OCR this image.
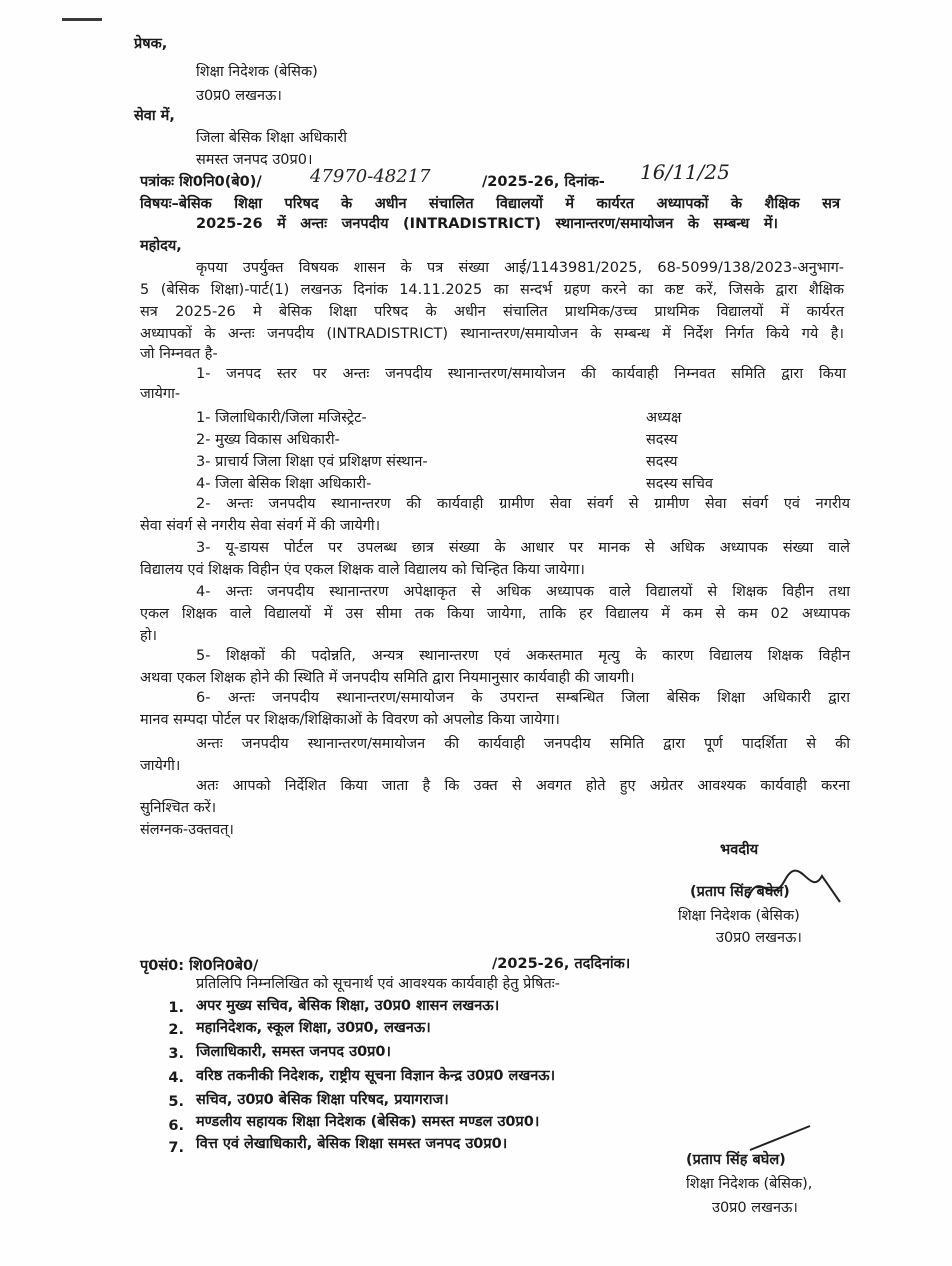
प्रेषक,
शिक्षा निदेशक (बेसिक)
उ0प्र0 लखनऊ।
सेवा में,
जिला बेसिक शिक्षा अधिकारी
समस्त जनपद उ0प्र0।
पत्रांकः शि0नि0(बे0)/	47970-48217	/2025-26, दिनांक- 16/11/25
विषयः–बेसिक शिक्षा परिषद के अधीन संचालित विद्यालयों में कार्यरत अध्यापकों के शैक्षिक सत्र
2025-26 में अन्तः जनपदीय (INTRADISTRICT) स्थानान्तरण/समायोजन के सम्बन्ध में।
महोदय,
कृपया उपर्युक्त विषयक शासन के पत्र संख्या आई/1143981/2025, 68-5099/138/2023-अनुभाग-
5 (बेसिक शिक्षा)-पार्ट(1) लखनऊ दिनांक 14.11.2025 का सन्दर्भ ग्रहण करने का कष्ट करें, जिसके द्वारा शैक्षिक
सत्र 2025-26 मे बेसिक शिक्षा परिषद के अधीन संचालित प्राथमिक/उच्च प्राथमिक विद्यालयों में कार्यरत
अध्यापकों के अन्तः जनपदीय (INTRADISTRICT) स्थानान्तरण/समायोजन के सम्बन्ध में निर्देश निर्गत किये गये है।
जो निम्नवत है-
1- जनपद स्तर पर अन्तः जनपदीय स्थानान्तरण/समायोजन की कार्यवाही निम्नवत समिति द्वारा किया
जायेगा-
1- जिलाधिकारी/जिला मजिस्ट्रेट-	अध्यक्ष
2- मुख्य विकास अधिकारी-	सदस्य
3- प्राचार्य जिला शिक्षा एवं प्रशिक्षण संस्थान-	सदस्य
4- जिला बेसिक शिक्षा अधिकारी-	सदस्य सचिव
2- अन्तः जनपदीय स्थानान्तरण की कार्यवाही ग्रामीण सेवा संवर्ग से ग्रामीण सेवा संवर्ग एवं नगरीय
सेवा संवर्ग से नगरीय सेवा संवर्ग में की जायेगी।
3- यू-डायस पोर्टल पर उपलब्ध छात्र संख्या के आधार पर मानक से अधिक अध्यापक संख्या वाले
विद्यालय एवं शिक्षक विहीन एंव एकल शिक्षक वाले विद्यालय को चिन्हित किया जायेगा।
4- अन्तः जनपदीय स्थानान्तरण अपेक्षाकृत से अधिक अध्यापक वाले विद्यालयों से शिक्षक विहीन तथा
एकल शिक्षक वाले विद्यालयों में उस सीमा तक किया जायेगा, ताकि हर विद्यालय में कम से कम 02 अध्यापक
हो।
5- शिक्षकों की पदोन्नति, अन्यत्र स्थानान्तरण एवं अकस्तमात मृत्यु के कारण विद्यालय शिक्षक विहीन
अथवा एकल शिक्षक होने की स्थिति में जनपदीय समिति द्वारा नियमानुसार कार्यवाही की जायगी।
6- अन्तः जनपदीय स्थानान्तरण/समायोजन के उपरान्त सम्बन्धित जिला बेसिक शिक्षा अधिकारी द्वारा
मानव सम्पदा पोर्टल पर शिक्षक/शिक्षिकाओं के विवरण को अपलोड किया जायेगा।
अन्तः जनपदीय स्थानान्तरण/समायोजन की कार्यवाही जनपदीय समिति द्वारा पूर्ण पादर्शिता से की
जायेगी।
अतः आपको निर्देशित किया जाता है कि उक्त से अवगत होते हुए अग्रेतर आवश्यक कार्यवाही करना
सुनिश्चित करें।
संलग्नक-उक्तवत्।
भवदीय
(प्रताप सिंह बघेल)
शिक्षा निदेशक (बेसिक)
उ0प्र0 लखनऊ।
पृ0सं0: शि0नि0बे0/	/2025-26, तददिनांक।
प्रतिलिपि निम्नलिखित को सूचनार्थ एवं आवश्यक कार्यवाही हेतु प्रेषितः-
1. अपर मुख्य सचिव, बेसिक शिक्षा, उ0प्र0 शासन लखनऊ।
2. महानिदेशक, स्कूल शिक्षा, उ0प्र0, लखनऊ।
3. जिलाधिकारी, समस्त जनपद उ0प्र0।
4. वरिष्ठ तकनीकी निदेशक, राष्ट्रीय सूचना विज्ञान केन्द्र उ0प्र0 लखनऊ।
5. सचिव, उ0प्र0 बेसिक शिक्षा परिषद, प्रयागराज।
6. मण्डलीय सहायक शिक्षा निदेशक (बेसिक) समस्त मण्डल उ0प्र0।
7. वित्त एवं लेखाधिकारी, बेसिक शिक्षा समस्त जनपद उ0प्र0।
(प्रताप सिंह बघेल)
शिक्षा निदेशक (बेसिक),
उ0प्र0 लखनऊ।
